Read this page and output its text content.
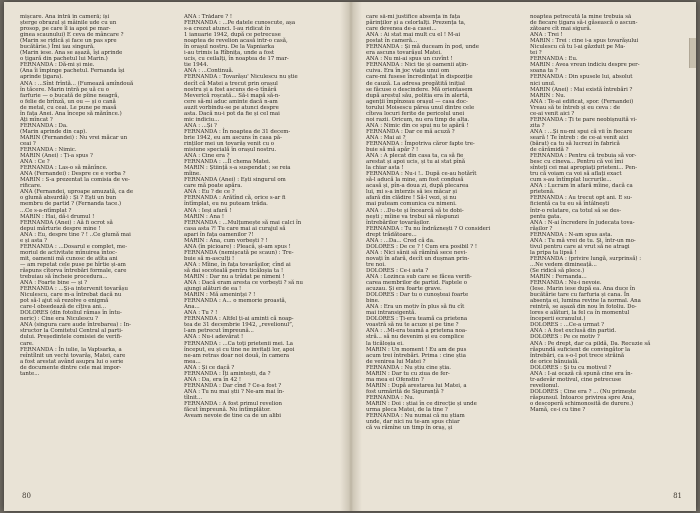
mișcare. Ana intră în cameră; își

șterge obrazul și mâinile ude cu un

prosop, pe care îl ia apoi pe mar-

ginea scaunului) E ceva de mâncare ?

(Marin se ridică și face un pas spre

bucătărie.) Îmi iau singură.

(Marin iese. Ana se așază, își aprinde

o țigară din pachetul lui Marin.)

FERNANDA : Dă-mi și mie.

(Ana îi împinge pachetul. Fernanda își

aprinde țigara).

ANA : ...Sînt frîntă... (Fumează amîndouă

în tăcere. Marin intră pe uă cu o

farfurie — o bucată de pîine neagră,

o felie de brînză, un ou — și o cană

de metal, cu ceai. Le pune pe masă

în fața Anei. Ana începe să mănînce.)

Ați mîncat ?

FERNANDA : Da.

(Marin aprinde din cap).

MARIN (Fernandei) : Nu vrei măcar un

ceai ?

FERNANDA : Nimic.

MARIN (Anei) : Ți-a spus ?

ANA : Ce ?

FERNANDA : Las-o să mănînce.

ANA (Fernandei) : Despre ce e vorba ?

MARIN : S-a prezentat la comisia de ve-

rificare.

ANA (Fernandei, uproape amuzată, ca de

o glumă absurdă) : Și ? Ești un bun

membru de partid ? (Fernanda tace.)

...Ce s-a-ntîmplat ?

MARIN : Hai, dă-i drumul !

FERNANDA (Anei) : Aă fi ocrot să

depui mărturie despre mine !

ANA : Eu, despre tine ? ! ..Ce glumă mai

e și asta ?

FERNANDA : ...Dosarul e complet, me-

moriul de activitate mînuirea întoc-

mit, oamenii mă cunosc de atîta ani

— am repetat cele puse pe hîrtie și-am

răspuns cîtorva întrebări formale, care

trebuiau să încheie procedura...

ANA : Foarte bine — și ?

FERNANDA : ...Și-a intervenit tovarășu

Niculescu, care m-a întrebat dacă nu

pot să-l ajut să rezolve o enigmă

care-l obsedează de cîțiva ani...

DOLORES (din fotoliul rămas în întu-

neric) : Cine era Niculescu ?

ANA (singura care aude întrebarea) : In-

structor la Comitetul Central al parti-

dului. Președintele comisiei de verifi-

care.

FERNANDA : În iulie, la Vaptsarka, a

reîntîlnit un vechi tovarăș, Matei, care

a fost arestat având asupra lui o serie

de documente dintre cele mai impor-

tante...

ANA : Trădare ? !

FERNANDA : ...Pe datele cunoscute, așa

s-a crezut atunci. I-au ridicat în

1 ianuarie 1942, după ce petrecuse

noaptea de revelion acasă intr-o casă,

în orașul nostru. De la Vapniarka

i-au trimis la Rîbnița, unde a fost

ucis, cu ceilalți, în noaptea de 17 mar-

tie 1944.

ANA : ...Continuă.

FERNANDA : Tovarășu' Niculescu nu știe

decît că Matei a trecut prin orașul

nostru și a fost ascuns de-o tînără

Meverică roșcată... Să-i mapă să-n-

cere să-mi aduc aminte dacă n-am

auzit vorbindu-se pe atunci despre

asta. Dacă nu-i pot da fie și cel mai

mic indiciu...

ANA : ...Și ?

FERNANDA : În noaptea de 31 decem-

brie 1942, eu am ascuns în casa pă-

rinților mei un tovarăș venit cu o

misiune specială în orașul nostru.

ANA : Cine era ?

FERNANDA : ...Îl chema Matei.

MARIN : Știință s-a suspendat ; se reia

mîine.

FERNANDA (Anei) : Ești singurul om

care mă poate apăra.

ANA : Eu ? de ce ?

FERNANDA : Arătînd că, orice s-ar fi

întîmplat, eu nu puteam trăda.

ANA : Ieși afară !

MARIN : Ana !

FERNANDA : ...Mulțumește să mai calci în

casa asta ?! Tu care mai ai curajul să

apari în fața oamenilor ?!

MARIN : Ana, cum vorbești ? !

ANA (în picioare) : Pleacă, și-am spus !

FERNANDA (nemișcată pe scaun) : Tre-

buie să m-asculți !

ANA : Mîine, în fața tovarășilor, cînd ai

să dai socoteală pentru ticăloșia ta !

MARIN : Dar nu a trădat pe nimeni !

ANA : Dacă eram aresta ce vorbești ? să nu

ajungi alături de ea !

MARIN : Mă amenințși ? !

FERNANDA : A... o memorie proastă,

Ana...

ANA : Tu ? !

FERNANDA : Altfel ți-ai aminti că noap-

tea de 31 decembrie 1942, „revelionul”,

l-am petrecut împreună...

ANA : Nu-i adevărat !

FERNANDA : ...Ca toți prietenii mei. La

început, eu și cu tine ne invitați lor, apoi

ne-am retras doar noi două, în camera

mea...

ANA : Și ce dacă ?

FERNANDA : Îți amintești, da ?

ANA : Da, era în 42 !

FERNANDA : Dar cînd ? Ce-a fost ?

ANA : Tu nu mai știi ? Ne-am mai în-

tîlnit...

FERNANDA : A fost primul revelion

făcut împreună. Nu întîmplător.

Aveam nevoie de tine ca de un alibi

80

care să-mi justifice absența în fața

părinților și a celorlalți. Prezența ta,

care devenea de-a casei...

ANA : Ai stat mai mult cu el ! M-ai

postat în cameră...

FERNANDA : Și mă duceam în pod, unde

era ascuns tovarășul Matei.

ANA : Nu mi-ai spus un cuvînt !

FERNANDA : Nici tie și oamenii ațin-

cuiva. Era în joc viața unui om

care-mi fusese încredințat în dispoziție

de cauză. La adresa pregătită inițial

se făcuse o descindere. Mă orientasem

după arestul său, politia era în alertă,

agenții împînzeau orașul — casa doc-

torului Moisescu părea unul dintre cele

cîteva locuri ferite de pericolul unei

noi razii. Oricum, nu era timp de alta.

ANA : Nimic din ce spui nu te apără !

FERNANDA : Dar ce mă acuză ?

ANA : Mai ai ?

FERNANDA : Împotriva căror fapte tre-

buie să mă apăr ? !

ANA : A plecat din casa ta, ca să fie

arestat și apoi ucis, și tu ai stat pînă

la chiar asta !

FERNANDA : Nu-i !.. După ce-au hotărît

să-l aducă la mine, am fost condusă

acasă și, pîn-a doua zi, după plecarea

lui, mi s-a interzis să ies măcar și

afară din clădire ! Să-l vezi, și nu

mai puteam comunica cu nimeni.

ANA : ..Du-te și încearcă să te dobi-

nești ; mîine va trebui să răspunzi

întrebărilor tovarășilor.

FERNANDA : Tu nu îndrăznești ? O consideri

drept trădătoare...

ANA : ...Da... Cred că da.

DOLORES : De ce ? ! Cum era posibil ? !

ANA : Nici sănii să rămînă sece nevi-

novați în afară, decît un dușman prin-

tre noi.

DOLORES : Ce-i asta ?

ANA : Lozinca sub care se făcea verifi-

carea membrilor de partid. Faptele o

acuzau. Și era foarte grave.

DOLORES : Dar tu o cunoșteai foarte

bine.

ANA : Era un motiv în plus să fiu cît

mai intransigentă.

DOLORES : Ți-era teamă ca prietena

voastră să nu te acuze și pe tine ?

ANA : ..Mi-era teamă a prietena noa-

stră... să nu devenim și eu complice

la ticăloșia ei.

MARIN : Un moment ! Eu am de pus

acum trei întrebări. Prima : cine știa

de venirea lui Matei ?

FERNANDA : Nu știu cine știa.

MARIN : Dar tu cu ziua de fer-

ma mea ei Ofenstin ?

MARIN : După arestarea lui Matei, a

fost urmărită de Siguranță ?

FERNANDA : Nu.

MARIN : Doi : știai în ce direcție și unde

urma pleca Matei, de la tine ?

FERNANDA : Nu numai că nu știam

unde, dar nici nu te-am spus chiar

că va rămîne un timp în oraș, și

noaptea petrecută la mine trebuia să

de fiecare țigara să-i găsească o ascun-

zătoare cît mai sigură.

ANA : Trei !

MARIN : Trei : cine i-a spus tovarășului

Niculescu că tu l-ai găzduit pe Ma-

tei ?

FERNANDA : Eu.

MARIN : Avea vreun indiciu despre per-

soana ta ?

FERNANDA : Din spusele lui, absolut

nici unul.

MARIN (Anei) : Mai există întrebări ?

MARIN : Nu.

ANA : Te-ai edificat, spor. (Fernandei)

Vreau să te întreb și eu ceva : de

ce-ai venit aici ?

FERNANDA : Ți te pare neobișnuită vi-

zita ?

ANA : ...Și nu-mi spui că vii în fiecare

seară ! Te întreb : de ce-ai venit aici

(bărat) ca tu să lucrezi în fabrică

de cărămidă ?

FERNANDA : Pentru că trebuia să vor-

besc cu cineva... Pentru că voi îmi

sînteți cei mai apropiați prieteni... Pen-

tru că voiam ca voi să aflați exact

cum s-au întîmplat lucrurile...

ANA : Lucram în afară mîine, dacă ca

prietenă.

FERNANDA : Au trecut opt ani. E su-

ficientă ca tu eu să întâlnești

într-o relatare, ca totul să se des-

pentu gata.

ANA : N-ai încredere în judecata tova-

rășilor ?

FERNANDA : N-am spus asta.

ANA : Tu mă vrei de tu. Și, într-un mo-

tivul pentru care ai vrut să ne atragi

la pripa ta lipsă !

FERNANDA : (privire lungă, surprinsă) :

...Ne vedem dimineață...

(Se ridică să plece.)

MARIN : Fernanda...

FERNANDA : Nu-i nevoie.

(Iese. Marin iese după ea. Ana duce în

bucătărie tare cu farfuria și cana. În

absența ei, lumina revine la normal. Ana

reintră, se așază din nou în fotoliu. Do-

lores e alături, la fel ca în momentul

începerii ecranului.)

DOLORES : ...Ce-a urmat ?

ANA : A fost exclusă din partid.

DOLORES : Pe ce motiv ?

ANA : Pe drept, dar ca pildă, Da. Recuzie să

răspundă suficient de convingător la

întrebări, ca s-o-l pot trece străină

de orice bănuială.

DOLORES : Și tu cu motivul ?

ANA : I-ai ocază că spună cine era în-

tr-adevăr motivul, cine petrecuse

revelionul.

DOLORES : Cine era ? ... (Nu primește

răspunsul. Întoarce privirea spre Ana,

o descoperă schimonosită de durere.)

Mamă, ce-i cu tine ?

81
